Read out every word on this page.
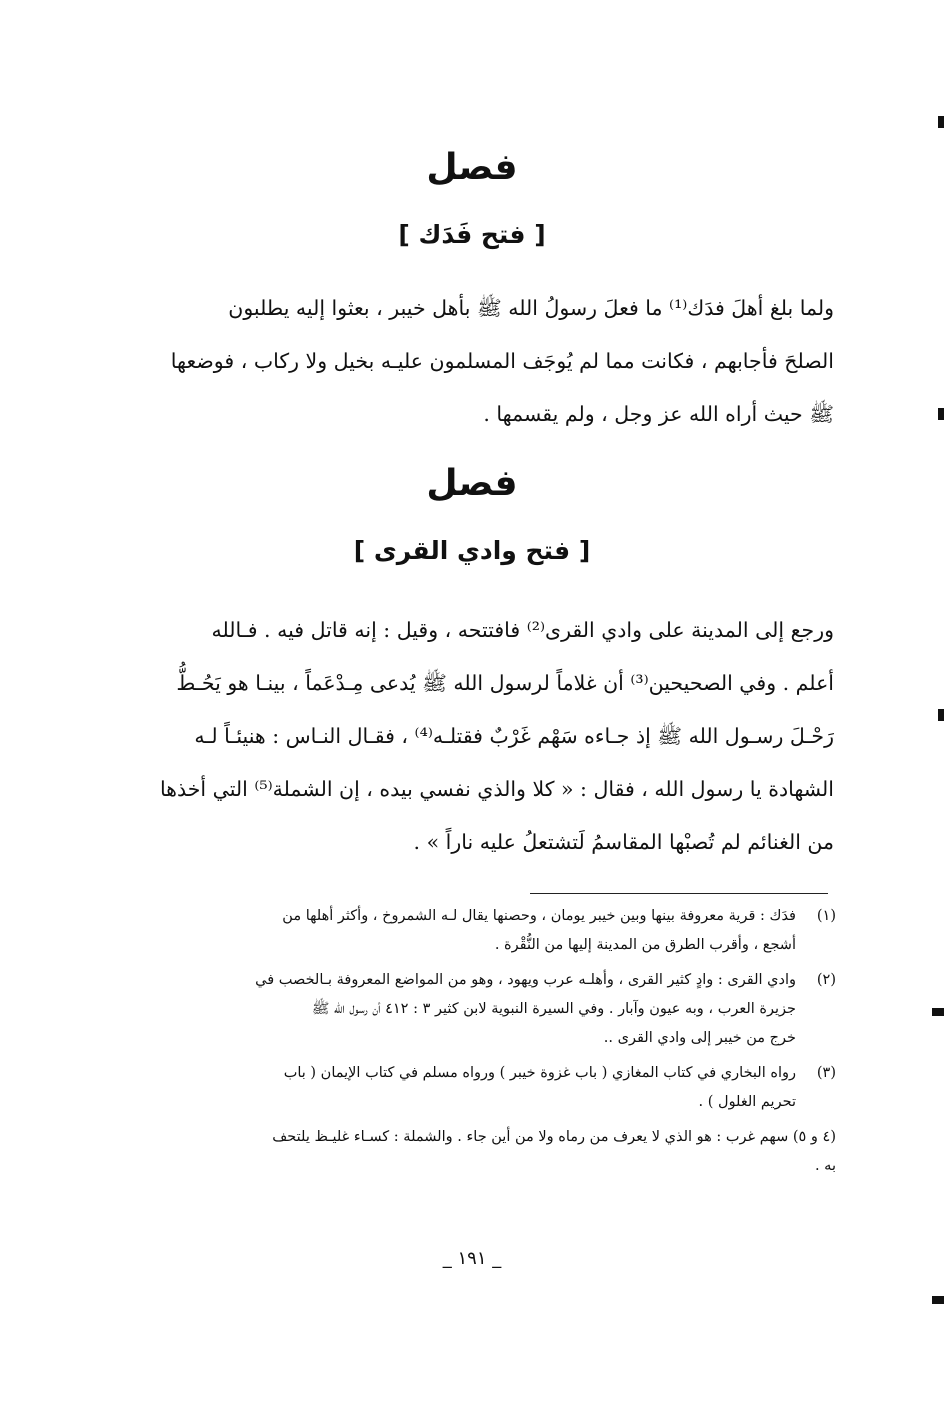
فصل
[ فتح فَدَك ]
ولما بلغ أهلَ فدَك⁽¹⁾ ما فعلَ رسولُ الله ﷺ بأهل خيبر ، بعثوا إليه يطلبون
الصلحَ فأجابهم ، فكانت مما لم يُوجَف المسلمون عليـه بخيل ولا ركاب ، فوضعها
ﷺ حيث أراه الله عز وجل ، ولم يقسمها .
فصل
[ فتح وادي القرى ]
ورجع إلى المدينة على وادي القرى⁽²⁾ فافتتحه ، وقيل : إنه قاتل فيه . فـالله
أعلم . وفي الصحيحين⁽³⁾ أن غلاماً لرسول الله ﷺ يُدعى مِـدْعَماً ، بينـا هو يَحُـطُّ
رَحْـلَ رسـول الله ﷺ إذ جـاءه سَهْم غَرْبٌ فقتلـه⁽⁴⁾ ، فقـال النـاس : هنيئـاً لـه
الشهادة يا رسول الله ، فقال : « كلا والذي نفسي بيده ، إن الشملة⁽⁵⁾ التي أخذها
من الغنائم لم تُصبْها المقاسمُ لَتشتعلُ عليه ناراً » .
(١)
فدَك : قرية معروفة بينها وبين خيبر يومان ، وحصنها يقال لـه الشمروخ ، وأكثر أهلها من
أشجع ، وأقرب الطرق من المدينة إليها من النُّقْرة .
(٢)
وادي القرى : وادٍ كثير القرى ، وأهلـه عرب ويهود ، وهو من المواضع المعروفة بـالخصب في
جزيرة العرب ، وبه عيون وآبار . وفي السيرة النبوية لابن كثير ٣ : ٤١٢ أن رسول الله ﷺ
خرج من خيبر إلى وادي القرى ..
(٣)
رواه البخاري في كتاب المغازي ( باب غزوة خيبر ) ورواه مسلم في كتاب الإيمان ( باب
تحريم الغلول ) .
(٤ و ٥) سهم غرب : هو الذي لا يعرف من رماه ولا من أين جاء . والشملة : كسـاء غليـظ يلتحف
به .
_ ١٩١ _
